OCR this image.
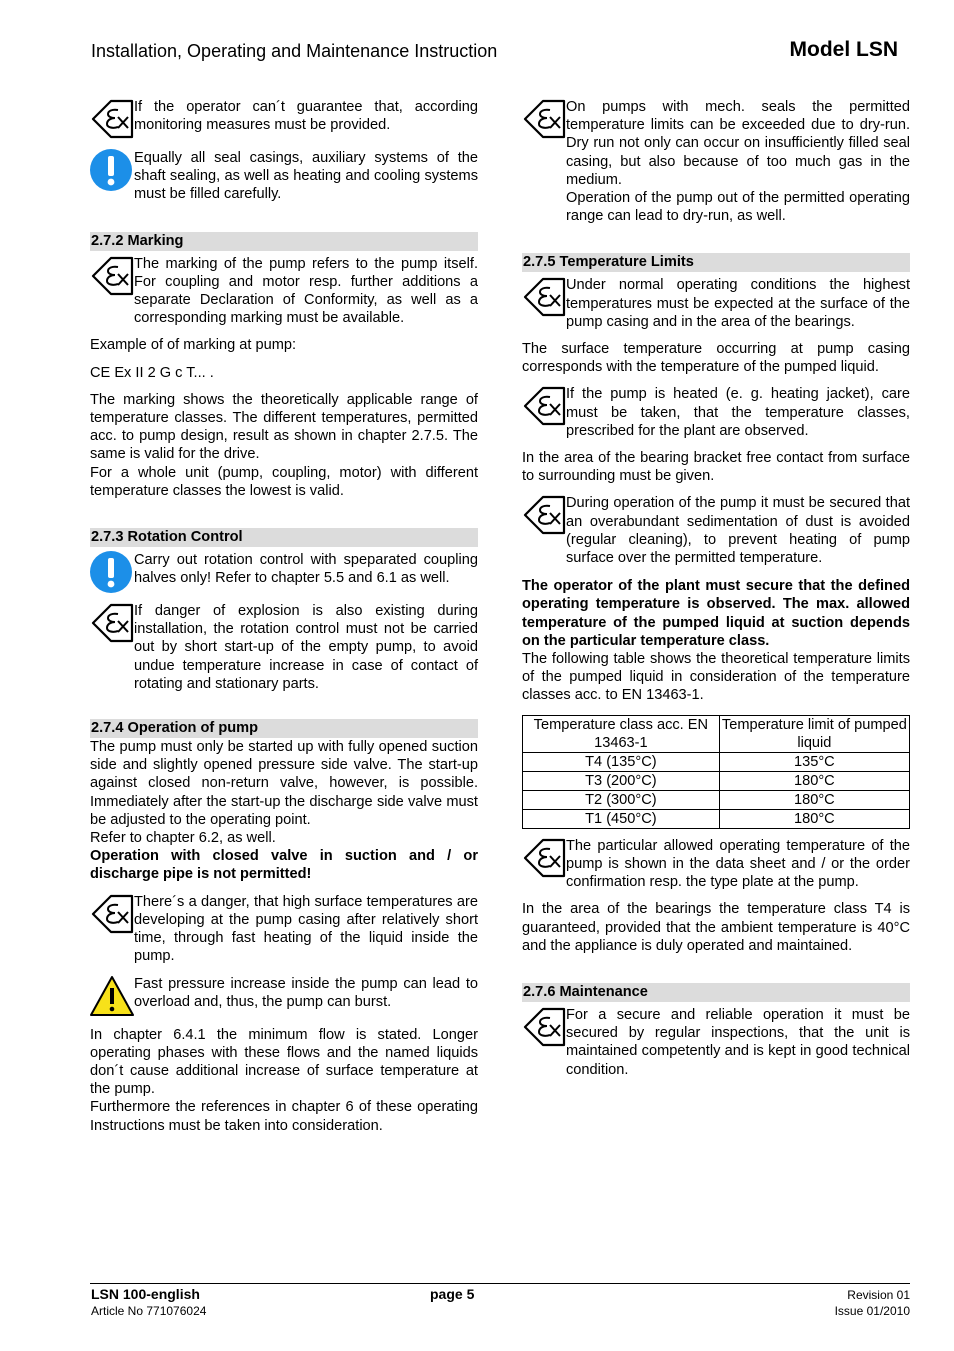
Installation, Operating and Maintenance Instruction	Model LSN
If the operator can´t guarantee that, according monitoring measures must be provided.
Equally all seal casings, auxiliary systems of the shaft sealing, as well as heating and cooling systems must be filled carefully.
2.7.2 Marking
The marking of the pump refers to the pump itself. For coupling and motor resp. further additions a separate Declaration of Conformity, as well as a corresponding marking must be available.

Example of of marking at pump:

CE Ex II 2 G c T... .

The marking shows the theoretically applicable range of temperature classes. The different temperatures, permitted acc. to pump design, result as shown in chapter 2.7.5. The same is valid for the drive.

For a whole unit (pump, coupling, motor) with different temperature classes the lowest is valid.

2.7.3 Rotation Control
Carry out rotation control with speparated coupling halves only! Refer to chapter 5.5 and 6.1 as well.
If danger of explosion is also existing during installation, the rotation control must not be carried out by short start-up of the empty pump, to avoid undue temperature increase in case of contact of rotating and stationary parts.
2.7.4 Operation of pump

The pump must only be started up with fully opened suction side and slightly opened pressure side valve. The start-up against closed non-return valve, however, is possible. Immediately after the start-up the discharge side valve must be adjusted to the operating point.

Refer to chapter 6.2, as well.

Operation with closed valve in suction and / or discharge pipe is not permitted!

There´s a danger, that high surface temperatures are developing at the pump casing after relatively short time, through fast heating of the liquid inside the pump.
Fast pressure increase inside the pump can lead to overload and, thus, the pump can burst.

In chapter 6.4.1 the minimum flow is stated. Longer operating phases with these flows and the named liquids don´t cause additional increase of surface temperature at the pump.

Furthermore the references in chapter 6 of these operating Instructions must be taken into consideration.

On pumps with mech. seals the permitted temperature limits can be exceeded due to dry-run. Dry run not only can occur on insufficiently filled seal casing, but also because of too much gas in the medium.

Operation of the pump out of the permitted operating range can lead to dry-run, as well.

2.7.5 Temperature Limits
Under normal operating conditions the highest temperatures must be expected at the surface of the pump casing and in the area of the bearings.

The surface temperature occurring at pump casing corresponds with the temperature of the pumped liquid.

If the pump is heated (e. g. heating jacket), care must be taken, that the temperature classes, prescribed for the plant are observed.

In the area of the bearing bracket free contact from surface to surrounding must be given.

During operation of the pump it must be secured that an overabundant sedimentation of dust is avoided (regular cleaning), to prevent heating of pump surface over the permitted temperature.

The operator of the plant must secure that the defined operating temperature is observed. The max. allowed temperature of the pumped liquid at suction depends on the particular temperature class.

The following table shows the theoretical temperature limits of the pumped liquid in consideration of the temperature classes acc. to EN 13463-1.

Temperature class acc. EN 13463-1	Temperature limit of pumped liquid
T4 (135°C)	135°C
T3 (200°C)	180°C
T2 (300°C)	180°C
T1 (450°C)	180°C
The particular allowed operating temperature of the pump is shown in the data sheet and / or the order confirmation resp. the type plate at the pump.

In the area of the bearings the temperature class T4 is guaranteed, provided that the ambient temperature is 40°C and the appliance is duly operated and maintained.

2.7.6 Maintenance
For a secure and reliable operation it must be secured by regular inspections, that the unit is maintained competently and is kept in good technical condition.
LSN 100-english
Article No 771076024
page 5	Revision 01
Issue 01/2010
